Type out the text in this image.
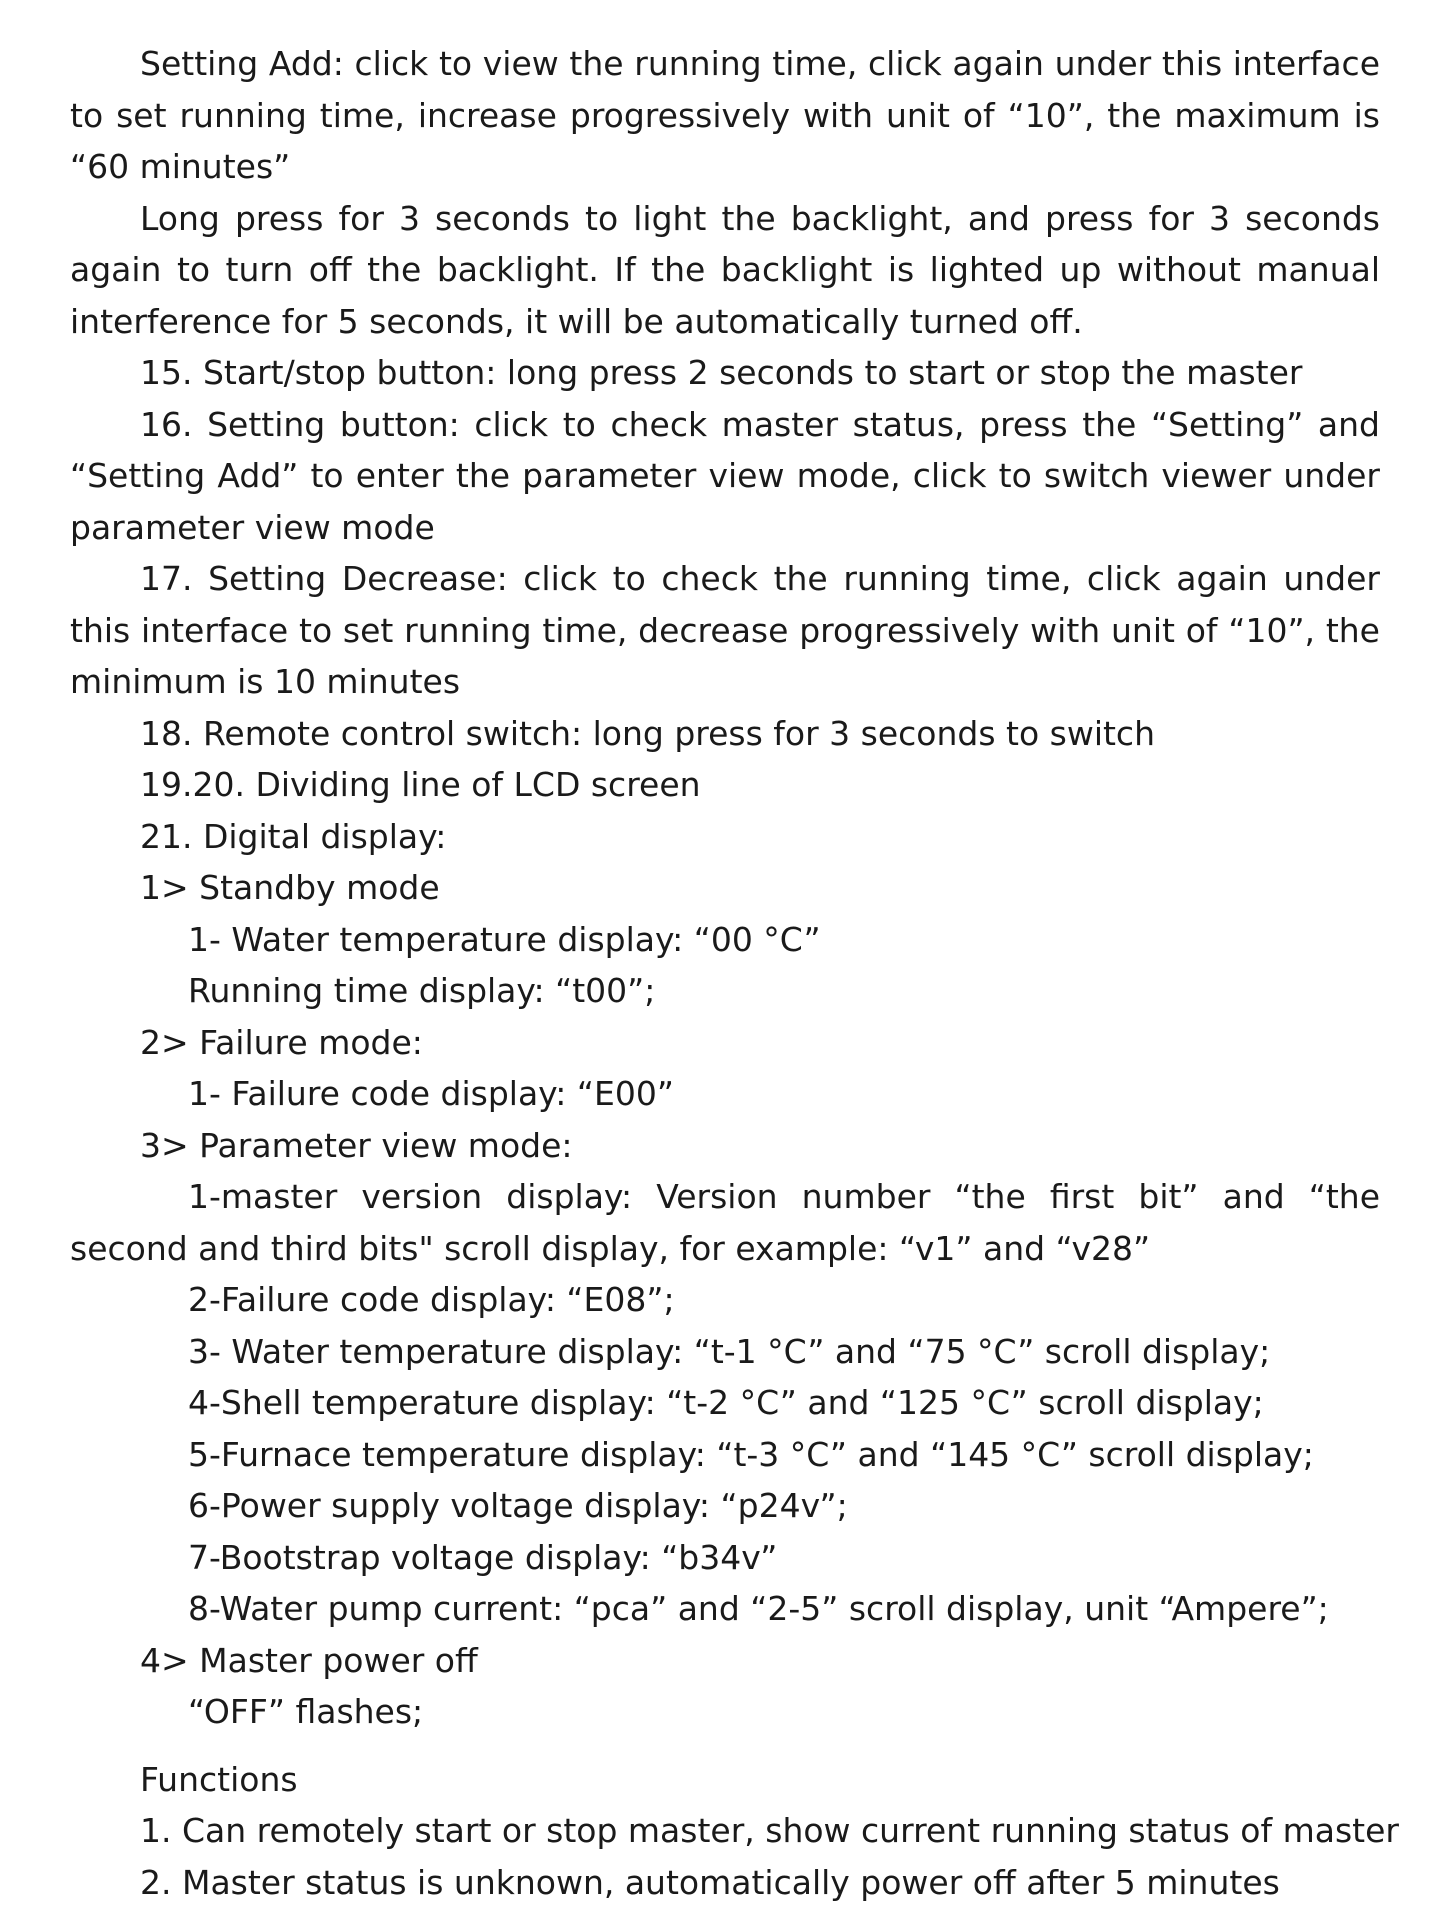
Setting Add: click to view the running time, click again under this interface to set running time, increase progressively with unit of “10”, the maximum is “60 minutes”

Long press for 3 seconds to light the backlight, and press for 3 seconds again to turn off the backlight. If the backlight is lighted up without manual interference for 5 seconds, it will be automatically turned off.

15. Start/stop button: long press 2 seconds to start or stop the master

16. Setting button: click to check master status, press the “Setting” and “Setting Add” to enter the parameter view mode, click to switch viewer under parameter view mode

17. Setting Decrease: click to check the running time, click again under this interface to set running time, decrease progressively with unit of “10”, the minimum is 10 minutes

18. Remote control switch: long press for 3 seconds to switch

19.20. Dividing line of LCD screen

21. Digital display:

1> Standby mode

1- Water temperature display: “00 °C”

Running time display: “t00”;

2> Failure mode:

1- Failure code display: “E00”

3> Parameter view mode:

1-master version display: Version number “the first bit” and “the second and third bits" scroll display, for example: “v1” and “v28”

2-Failure code display: “E08”;

3- Water temperature display: “t-1 °C” and “75 °C” scroll display;

4-Shell temperature display: “t-2 °C” and “125 °C” scroll display;

5-Furnace temperature display: “t-3 °C” and “145 °C” scroll display;

6-Power supply voltage display: “p24v”;

7-Bootstrap voltage display: “b34v”

8-Water pump current: “pca” and “2-5” scroll display, unit “Ampere”;

4> Master power off

“OFF” flashes;

Functions

1. Can remotely start or stop master, show current running status of master

2. Master status is unknown, automatically power off after 5 minutes
